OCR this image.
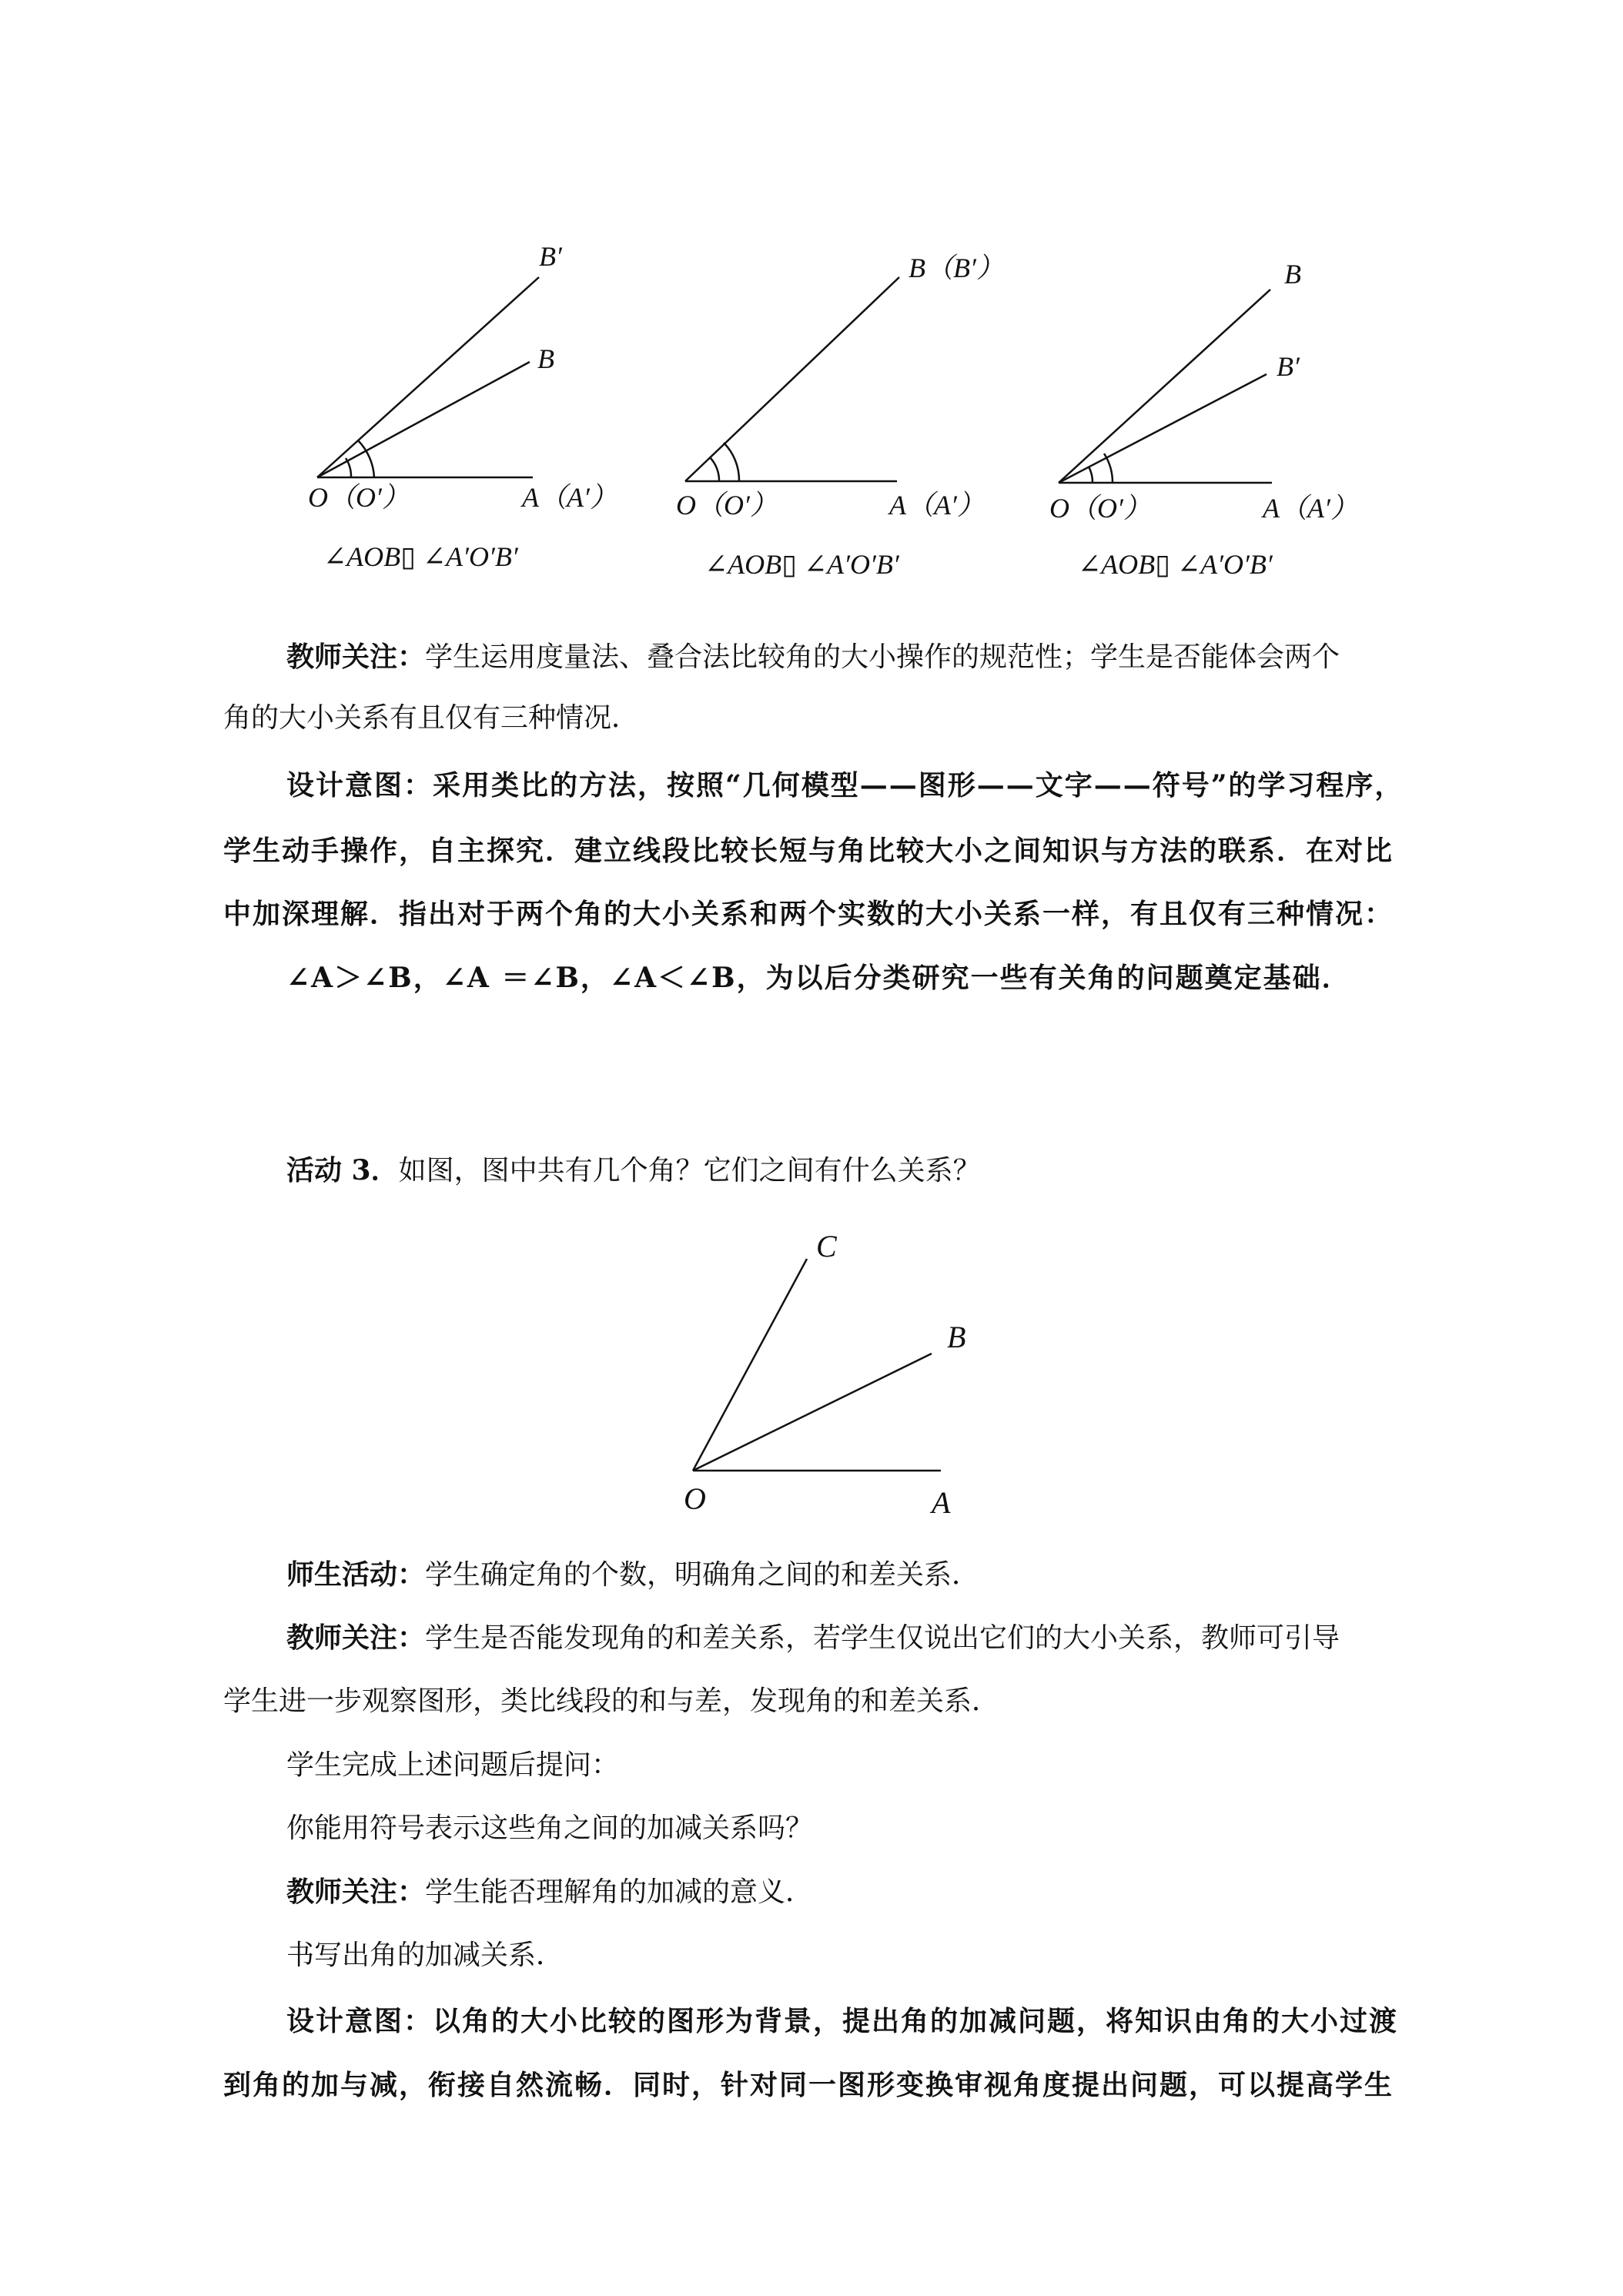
B′
B
O（O′）	A（A′）
∠AOB▯ ∠A′O′B′
B（B′）
O（O′）	A（A′）
∠AOB▯ ∠A′O′B′
B
B′
O（O′）	A（A′）
∠AOB▯ ∠A′O′B′
教师关注：学生运用度量法、叠合法比较角的大小操作的规范性；学生是否能体会两个
角的大小关系有且仅有三种情况．
设计意图：采用类比的方法，按照“几何模型——图形——文字——符号”的学习程序，
学生动手操作，自主探究．建立线段比较长短与角比较大小之间知识与方法的联系．在对比
中加深理解．指出对于两个角的大小关系和两个实数的大小关系一样，有且仅有三种情况：
∠A＞∠B，∠A ＝∠B，∠A＜∠B，为以后分类研究一些有关角的问题奠定基础．
活动 3．如图，图中共有几个角？它们之间有什么关系？
C
B
O	A
师生活动：学生确定角的个数，明确角之间的和差关系．
教师关注：学生是否能发现角的和差关系，若学生仅说出它们的大小关系，教师可引导
学生进一步观察图形，类比线段的和与差，发现角的和差关系．
学生完成上述问题后提问：
你能用符号表示这些角之间的加减关系吗？
教师关注：学生能否理解角的加减的意义．
书写出角的加减关系．
设计意图：以角的大小比较的图形为背景，提出角的加减问题，将知识由角的大小过渡
到角的加与减，衔接自然流畅．同时，针对同一图形变换审视角度提出问题，可以提高学生
